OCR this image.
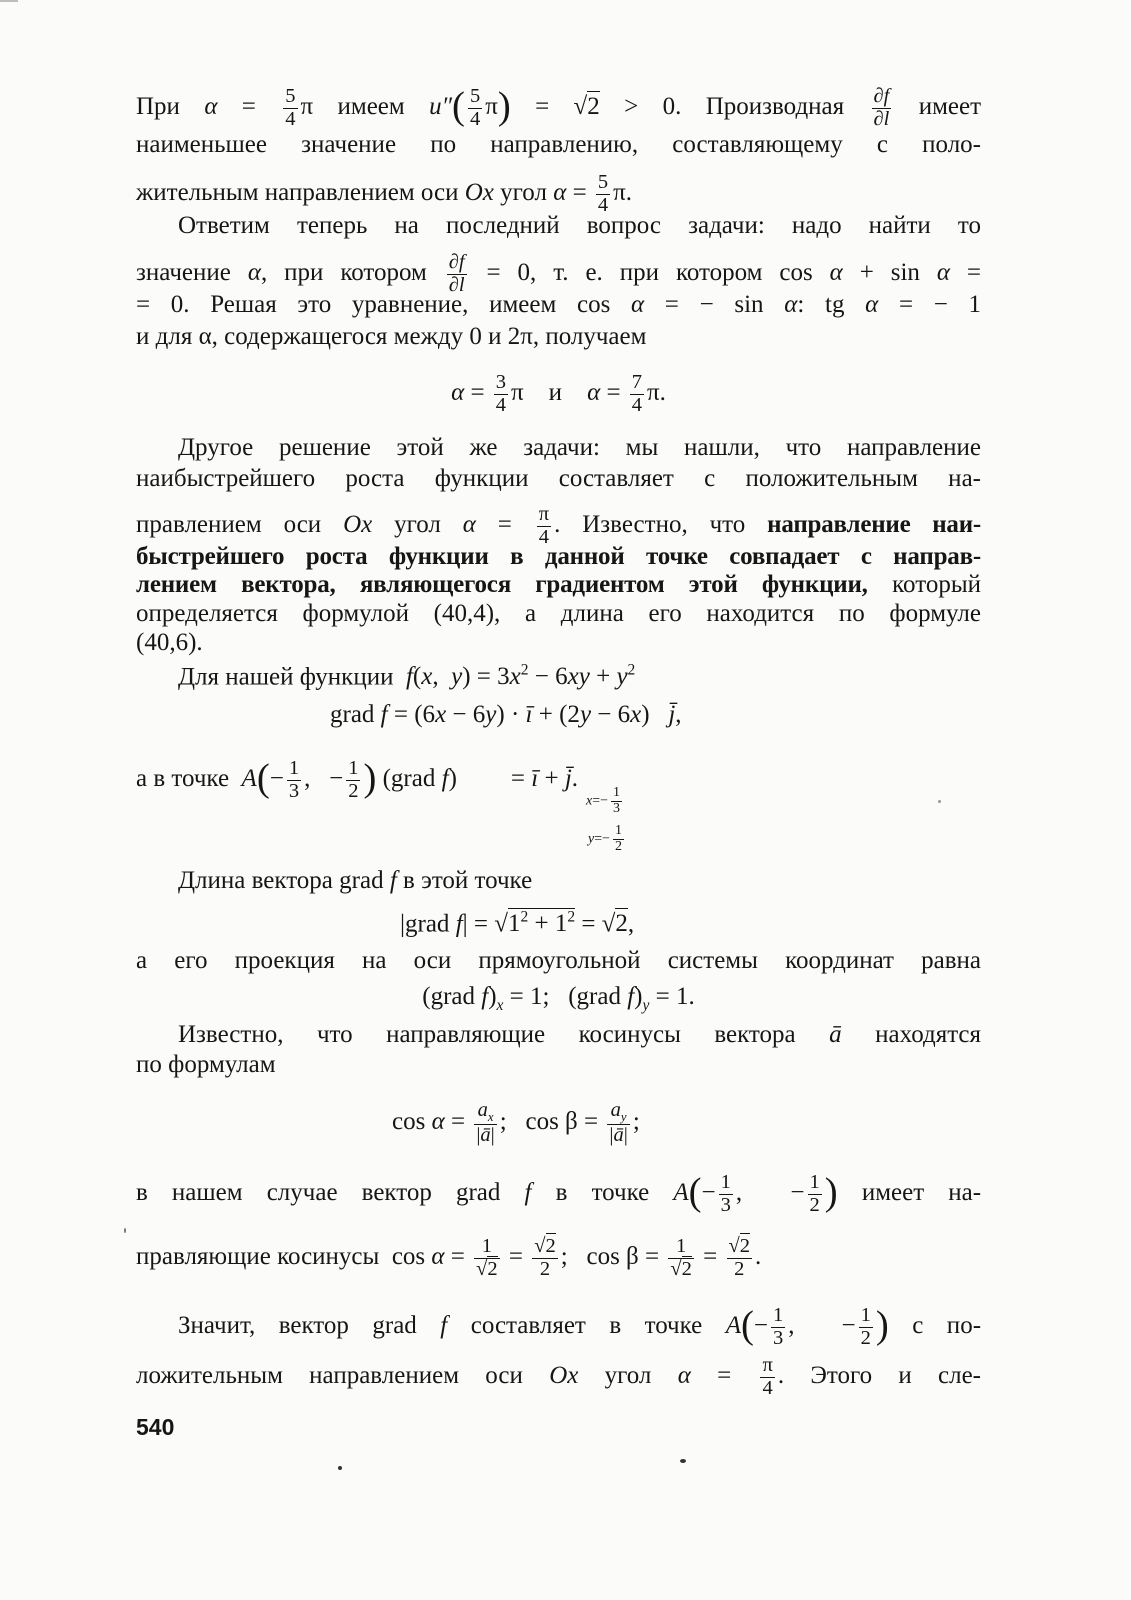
При $\alpha = \frac{5}{4}$ π имеем $u''( \frac{5}{4} \pi) = √2 > 0$. Производная $\frac{\partial f}{\partial l}$ имеет
наименьшее значение по направлению, составляющему с поло-
жительным направлением оси Ox угол $\alpha = \frac{5}{4} \pi$.
Ответим теперь на последний вопрос задачи: надо найти то
значение α, при котором $\frac{\partial f}{\partial l} = 0$, т. е. при котором cos α + sin α =
= 0. Решая это уравнение, имеем cos α = − sin α: tg α = − 1
и для α, содержащегося между 0 и 2π, получаем
$\alpha = \frac{3}{4}$ π и $\alpha = \frac{7}{4} \pi$.
Другое решение этой же задачи: мы нашли, что направление
наибыстрейшего роста функции составляет с положительным на-
правлением оси Ox угол $\alpha = \frac{\pi}{4}$ . Известно, что направление наи-
быстрейшего роста функции в данной точке совпадает с направ-
лением вектора, являющегося градиентом этой функции, который
определяется формулой (40,4), а длина его находится по формуле
(40,6).
Для нашей функции f(x,  $y) = 3x^2 - 6xy + y^2$
grad f = (6x − 6y) · ī + (2y − 6x)   j̄,
а в точке $A(- \frac{1}{3}$ ,   − $\frac{1}{2}$ ) (grad f) = ī + j̄.
$x=- \frac{1}{3}$
$y=- \frac{1}{2}$
Длина вектора grad f в этой точке
|grad $f| = √1^2 + 1^2 = √2$,
а его проекция на оси прямоугольной системы координат равна
(grad $f)_x = 1$;   (grad $f)_y = 1$.
Известно, что направляющие косинусы вектора ā находятся
по формулам
$\cos \alpha = \frac{a_x}{|ā|}$ ;   $\cos \beta = \frac{a_y}{|ā|}$ ;
в нашем случае вектор grad f в точке $A(- \frac{1}{3}$ ,  − $\frac{1}{2}$ ) имеет на-
правляющие косинусы $\cos \alpha = \frac{1}{√2} = \frac{√2}{2}$ ; $\cos \beta = \frac{1}{√2} = \frac{√2}{2}$ .
Значит, вектор grad f составляет в точке $A(- \frac{1}{3}$ ,  − $\frac{1}{2}$ ) с по-
ложительным направлением оси Ox угол $\alpha = \frac{\pi}{4}$ . Этого и сле-
540
